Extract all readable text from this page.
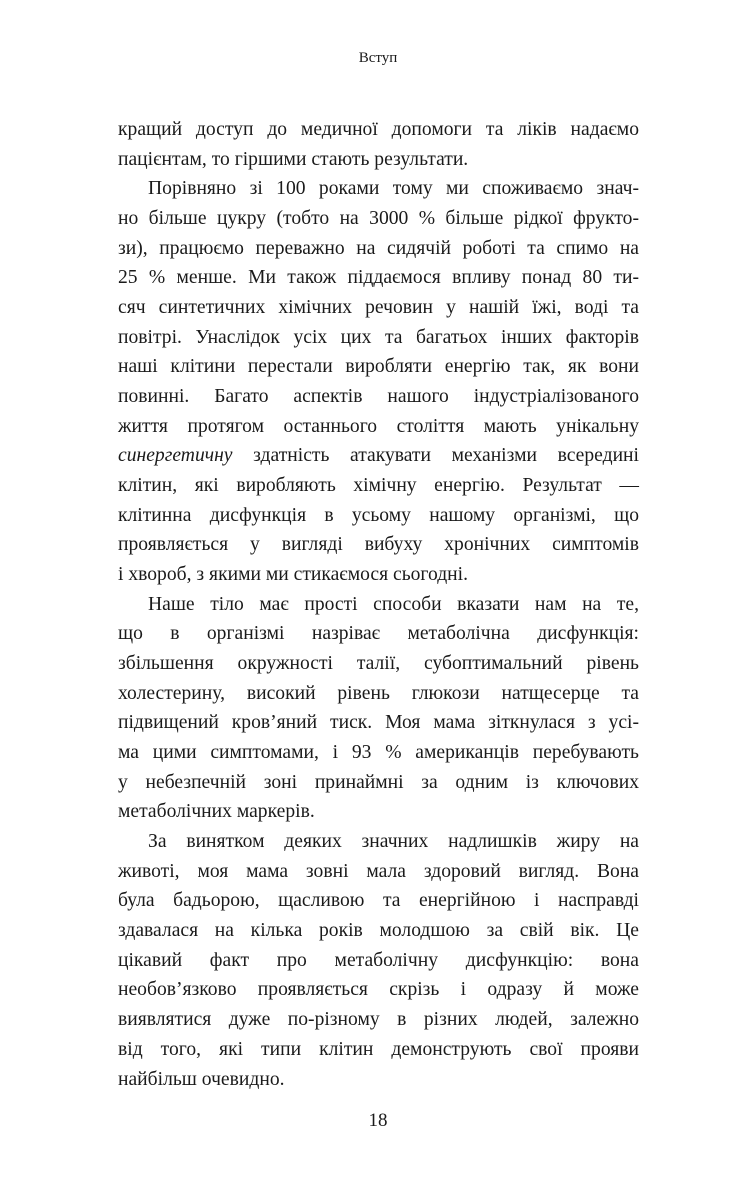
Вступ
кращий доступ до медичної допомоги та ліків надаємо
пацієнтам, то гіршими стають результати.
Порівняно зі 100 роками тому ми споживаємо знач-
но більше цукру (тобто на 3000 % більше рідкої фрукто-
зи), працюємо переважно на сидячій роботі та спимо на
25 % менше. Ми також піддаємося впливу понад 80 ти-
сяч синтетичних хімічних речовин у нашій їжі, воді та
повітрі. Унаслідок усіх цих та багатьох інших факторів
наші клітини перестали виробляти енергію так, як вони
повинні. Багато аспектів нашого індустріалізованого
життя протягом останнього століття мають унікальну
синергетичну здатність атакувати механізми всередині
клітин, які виробляють хімічну енергію. Результат —
клітинна дисфункція в усьому нашому організмі, що
проявляється у вигляді вибуху хронічних симптомів
і хвороб, з якими ми стикаємося сьогодні.
Наше тіло має прості способи вказати нам на те,
що в організмі назріває метаболічна дисфункція:
збільшення окружності талії, субоптимальний рівень
холестерину, високий рівень глюкози натщесерце та
підвищений кров’яний тиск. Моя мама зіткнулася з усі-
ма цими симптомами, і 93 % американців перебувають
у небезпечній зоні принаймні за одним із ключових
метаболічних маркерів.
За винятком деяких значних надлишків жиру на
животі, моя мама зовні мала здоровий вигляд. Вона
була бадьорою, щасливою та енергійною і насправді
здавалася на кілька років молодшою за свій вік. Це
цікавий факт про метаболічну дисфункцію: вона
необов’язково проявляється скрізь і одразу й може
виявлятися дуже по-різному в різних людей, залежно
від того, які типи клітин демонструють свої прояви
найбільш очевидно.
18
